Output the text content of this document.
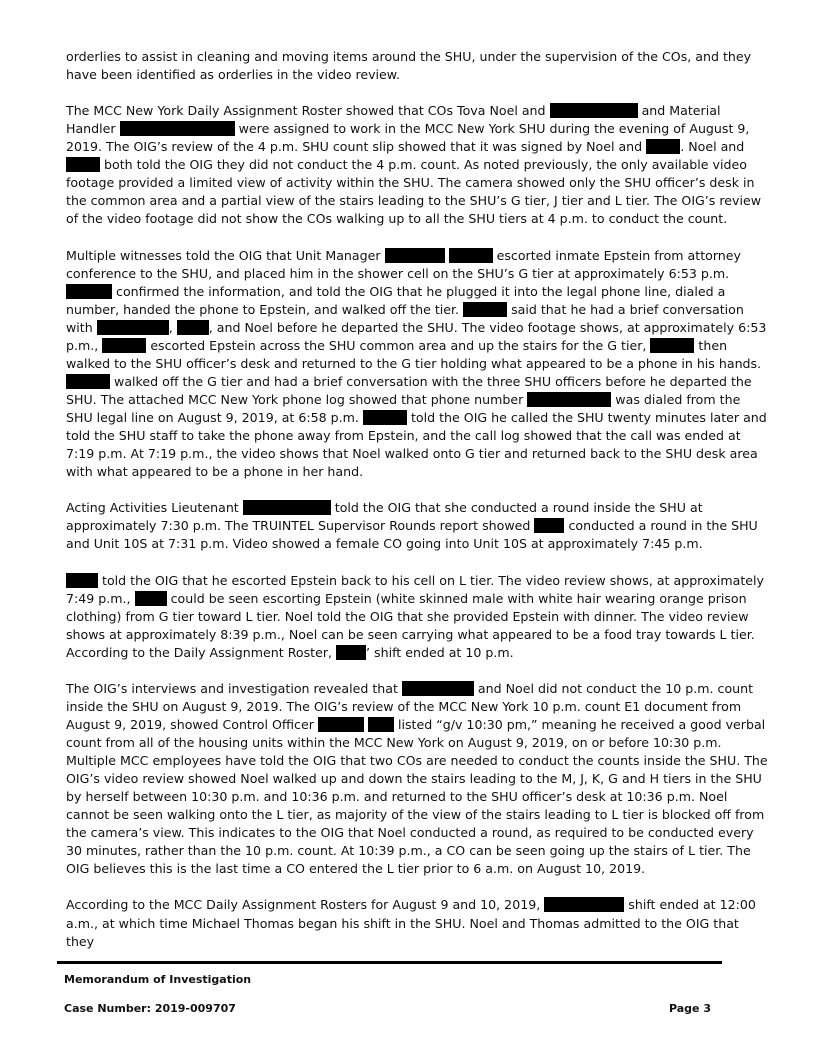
orderlies to assist in cleaning and moving items around the SHU, under the supervision of the COs, and they have been identified as orderlies in the video review.

The MCC New York Daily Assignment Roster showed that COs Tova Noel and	and Material Handler	were assigned to work in the MCC New York SHU during the evening of August 9, 2019. The OIG’s review of the 4 p.m. SHU count slip showed that it was signed by Noel and	. Noel and  both told the OIG they did not conduct the 4 p.m. count. As noted previously, the only available video footage provided a limited view of activity within the SHU. The camera showed only the SHU officer’s desk in the common area and a partial view of the stairs leading to the SHU’s G tier, J tier and L tier. The OIG’s review of the video footage did not show the COs walking up to all the SHU tiers at 4 p.m. to conduct the count.

Multiple witnesses told the OIG that Unit Manager	escorted inmate Epstein from attorney conference to the SHU, and placed him in the shower cell on the SHU’s G tier at approximately 6:53 p.m.  confirmed the information, and told the OIG that he plugged it into the legal phone line, dialed a number, handed the phone to Epstein, and walked off the tier.	said that he had a brief conversation with	,	, and Noel before he departed the SHU. The video footage shows, at approximately 6:53 p.m.,	escorted Epstein across the SHU common area and up the stairs for the G tier,	then walked to the SHU officer’s desk and returned to the G tier holding what appeared to be a phone in his hands.  walked off the G tier and had a brief conversation with the three SHU officers before he departed the SHU. The attached MCC New York phone log showed that phone number	was dialed from the SHU legal line on August 9, 2019, at 6:58 p.m.	told the OIG he called the SHU twenty minutes later and told the SHU staff to take the phone away from Epstein, and the call log showed that the call was ended at 7:19 p.m. At 7:19 p.m., the video shows that Noel walked onto G tier and returned back to the SHU desk area with what appeared to be a phone in her hand.

Acting Activities Lieutenant	told the OIG that she conducted a round inside the SHU at approximately 7:30 p.m. The TRUINTEL Supervisor Rounds report showed	conducted a round in the SHU and Unit 10S at 7:31 p.m. Video showed a female CO going into Unit 10S at approximately 7:45 p.m.

told the OIG that he escorted Epstein back to his cell on L tier. The video review shows, at approximately 7:49 p.m.,	could be seen escorting Epstein (white skinned male with white hair wearing orange prison clothing) from G tier toward L tier. Noel told the OIG that she provided Epstein with dinner. The video review shows at approximately 8:39 p.m., Noel can be seen carrying what appeared to be a food tray towards L tier. According to the Daily Assignment Roster,	’ shift ended at 10 p.m.

The OIG’s interviews and investigation revealed that	and Noel did not conduct the 10 p.m. count inside the SHU on August 9, 2019. The OIG’s review of the MCC New York 10 p.m. count E1 document from August 9, 2019, showed Control Officer	listed “g/v 10:30 pm,” meaning he received a good verbal count from all of the housing units within the MCC New York on August 9, 2019, on or before 10:30 p.m. Multiple MCC employees have told the OIG that two COs are needed to conduct the counts inside the SHU. The OIG’s video review showed Noel walked up and down the stairs leading to the M, J, K, G and H tiers in the SHU by herself between 10:30 p.m. and 10:36 p.m. and returned to the SHU officer’s desk at 10:36 p.m. Noel cannot be seen walking onto the L tier, as majority of the view of the stairs leading to L tier is blocked off from the camera’s view. This indicates to the OIG that Noel conducted a round, as required to be conducted every 30 minutes, rather than the 10 p.m. count. At 10:39 p.m., a CO can be seen going up the stairs of L tier. The OIG believes this is the last time a CO entered the L tier prior to 6 a.m. on August 10, 2019.

According to the MCC Daily Assignment Rosters for August 9 and 10, 2019,	shift ended at 12:00 a.m., at which time Michael Thomas began his shift in the SHU. Noel and Thomas admitted to the OIG that they

Memorandum of Investigation
Case Number: 2019-009707	Page 3
